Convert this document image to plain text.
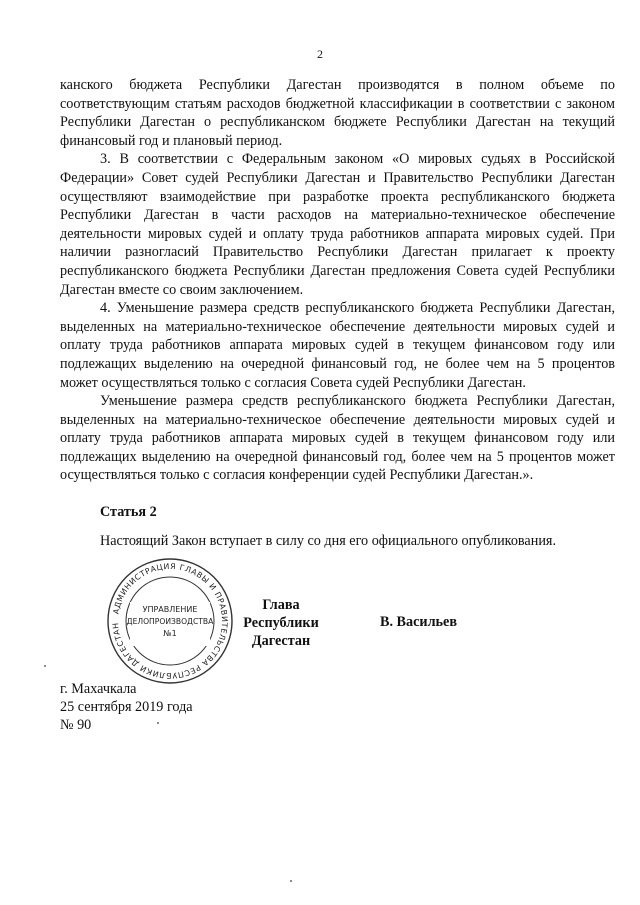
2

канского бюджета Республики Дагестан производятся в полном объеме по соответствующим статьям расходов бюджетной классификации в соответствии с законом Республики Дагестан о республиканском бюджете Республики Дагестан на текущий финансовый год и плановый период.

3. В соответствии с Федеральным законом «О мировых судьях в Российской Федерации» Совет судей Республики Дагестан и Правительство Республики Дагестан осуществляют взаимодействие при разработке проекта республиканского бюджета Республики Дагестан в части расходов на материально-техническое обеспечение деятельности мировых судей и оплату труда работников аппарата мировых судей. При наличии разногласий Правительство Республики Дагестан прилагает к проекту республиканского бюджета Республики Дагестан предложения Совета судей Республики Дагестан вместе со своим заключением.

4. Уменьшение размера средств республиканского бюджета Республики Дагестан, выделенных на материально-техническое обеспечение деятельности мировых судей и оплату труда работников аппарата мировых судей в текущем финансовом году или подлежащих выделению на очередной финансовый год, не более чем на 5 процентов может осуществляться только с согласия Совета судей Республики Дагестан.

Уменьшение размера средств республиканского бюджета Республики Дагестан, выделенных на материально-техническое обеспечение деятельности мировых судей и оплату труда работников аппарата мировых судей в текущем финансовом году или подлежащих выделению на очередной финансовый год, более чем на 5 процентов может осуществляться только с согласия конференции судей Республики Дагестан.».

Статья 2
Настоящий Закон вступает в силу со дня его официального опубликования.
АДМИНИСТРАЦИЯ ГЛАВЫ И ПРАВИТЕЛЬСТВА РЕСПУБЛИКИ ДАГЕСТАН
УПРАВЛЕНИЕ
ДЕЛОПРОИЗВОДСТВА
№1
Глава
Республики Дагестан
В. Васильев
г. Махачкала
25 сентября 2019 года
№ 90
